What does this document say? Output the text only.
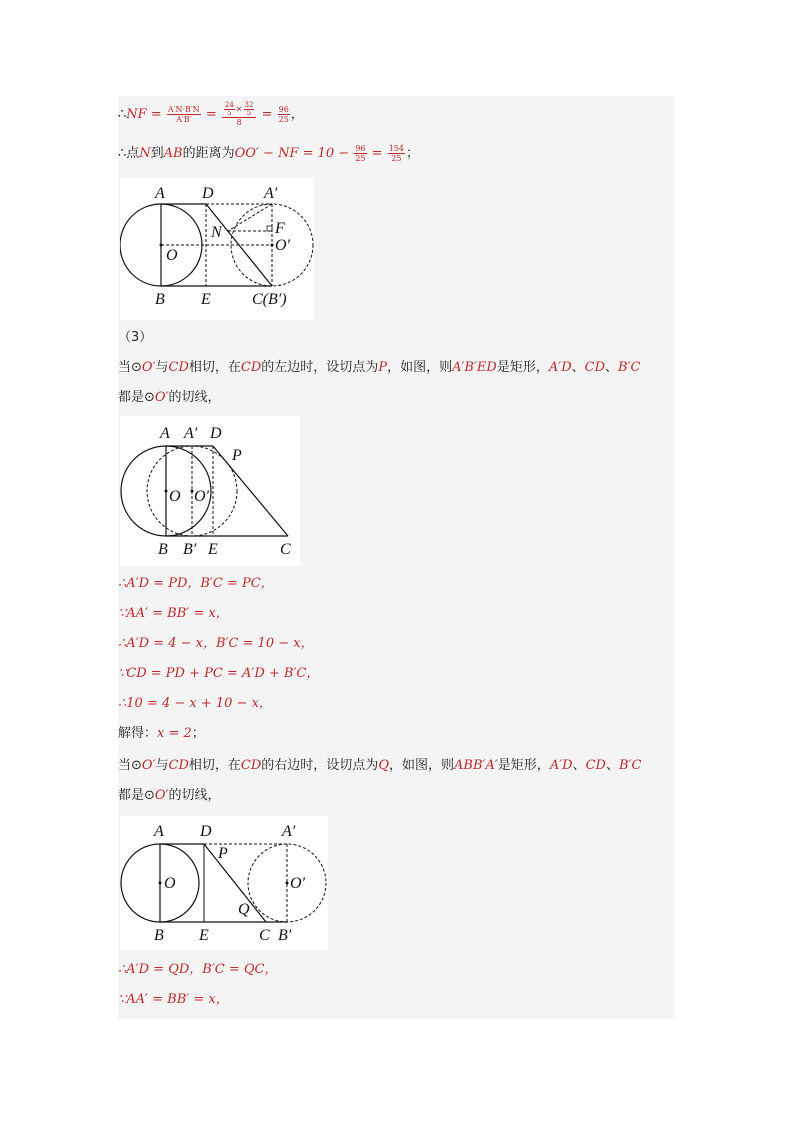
∴NF = $\frac{A'N\cdot B'N}{A'B'} = \frac{\frac{24}{5} \times \frac{32}{5}}{8} = \frac{96}{25}$ ，
∴点N到AB的距离为OO′ − NF = $10 - \frac{96}{25} = \frac{154}{25}$ ；
A D	A′
N	F
O′
O
B E	C(B′)
（3）
当⊙O′与CD相切，在CD的左边时，设切点为P，如图，则A′B′ED是矩形，A′D、CD、B′C
都是⊙O′的切线，
A A′ D
P
O O′
B B′ E	C
∴A′D = PD，B′C = PC，
∵AA′ = BB′ = x，
∴A′D = 4 − x，B′C = 10 − x，
∵CD = PD + PC = A′D + B′C，
∴10 = 4 − x + 10 − x，
解得：x = 2；
当⊙O′与CD相切，在CD的右边时，设切点为Q，如图，则ABB′A′是矩形，A′D、CD、B′C
都是⊙O′的切线，
A D	A′
P
O	O′
Q
B E	C B′
∴A′D = QD，B′C = QC，
∵AA′ = BB′ = x，
